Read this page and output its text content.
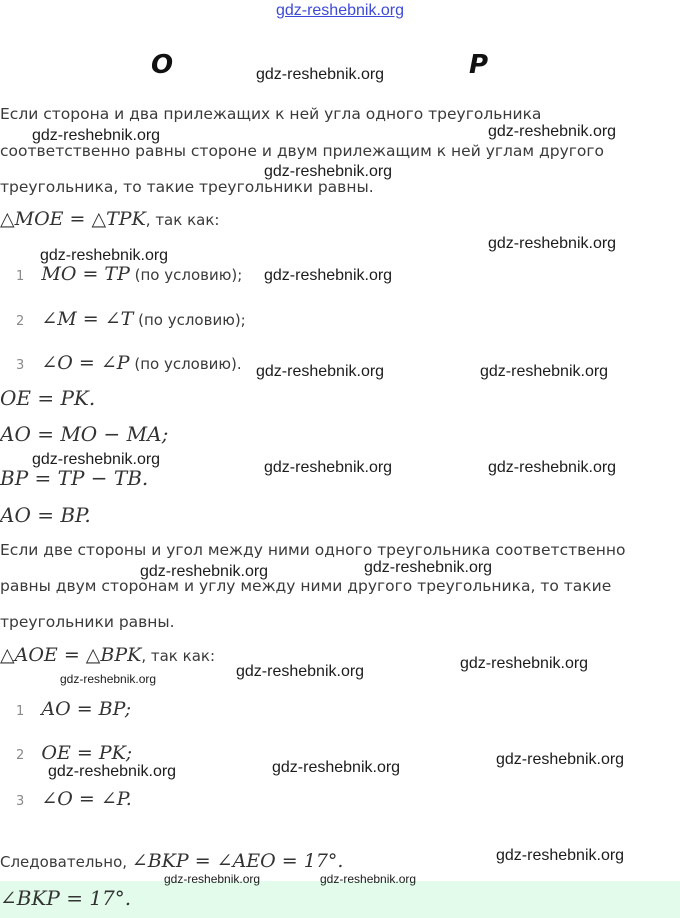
gdz-reshebnik.org
O	P
Если сторона и два прилежащих к ней угла одного треугольника
соответственно равны стороне и двум прилежащим к ней углам другого
треугольника, то такие треугольники равны.
△MOE = △TPK, так как:
1 MO = TP (по условию);
2 ∠M = ∠T (по условию);
3 ∠O = ∠P (по условию).
OE = PK.
AO = MO − MA;
BP = TP − TB.
AO = BP.
Если две стороны и угол между ними одного треугольника соответственно
равны двум сторонам и углу между ними другого треугольника, то такие
треугольники равны.
△AOE = △BPK, так как:
1 AO = BP;
2 OE = PK;
3 ∠O = ∠P.
Следовательно, ∠BKP = ∠AEO = 17°.
∠BKP = 17°.
gdz-reshebnik.org
gdz-reshebnik.org	gdz-reshebnik.org
gdz-reshebnik.org
gdz-reshebnik.org
gdz-reshebnik.org
gdz-reshebnik.org
gdz-reshebnik.org	gdz-reshebnik.org
gdz-reshebnik.org	gdz-reshebnik.org	gdz-reshebnik.org
gdz-reshebnik.org	gdz-reshebnik.org
gdz-reshebnik.org
gdz-reshebnik.org
gdz-reshebnik.org
gdz-reshebnik.org	gdz-reshebnik.org	gdz-reshebnik.org
gdz-reshebnik.org
gdz-reshebnik.org	gdz-reshebnik.org
